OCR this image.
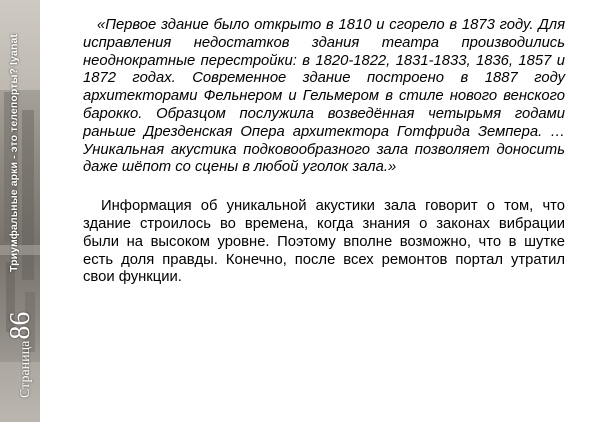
Триумфальные арки - это телепорты? Iyanat
Страница86

«Первое здание было открыто в 1810 и сгорело в 1873 году. Для исправления недостатков здания театра производились неоднократные перестройки: в 1820-1822, 1831-1833, 1836, 1857 и 1872 годах. Современное здание построено в 1887 году архитекторами Фельнером и Гельмером в стиле нового венского барокко. Образцом послужила возведённая четырьмя годами раньше Дрезденская Опера архитектора Готфрида Земпера. … Уникальная акустика подковообразного зала позволяет доносить даже шёпот со сцены в любой уголок зала.»

Информация об уникальной акустики зала говорит о том, что здание строилось во времена, когда знания о законах вибрации были на высоком уровне. Поэтому вполне возможно, что в шутке есть доля правды. Конечно, после всех ремонтов портал утратил свои функции.
